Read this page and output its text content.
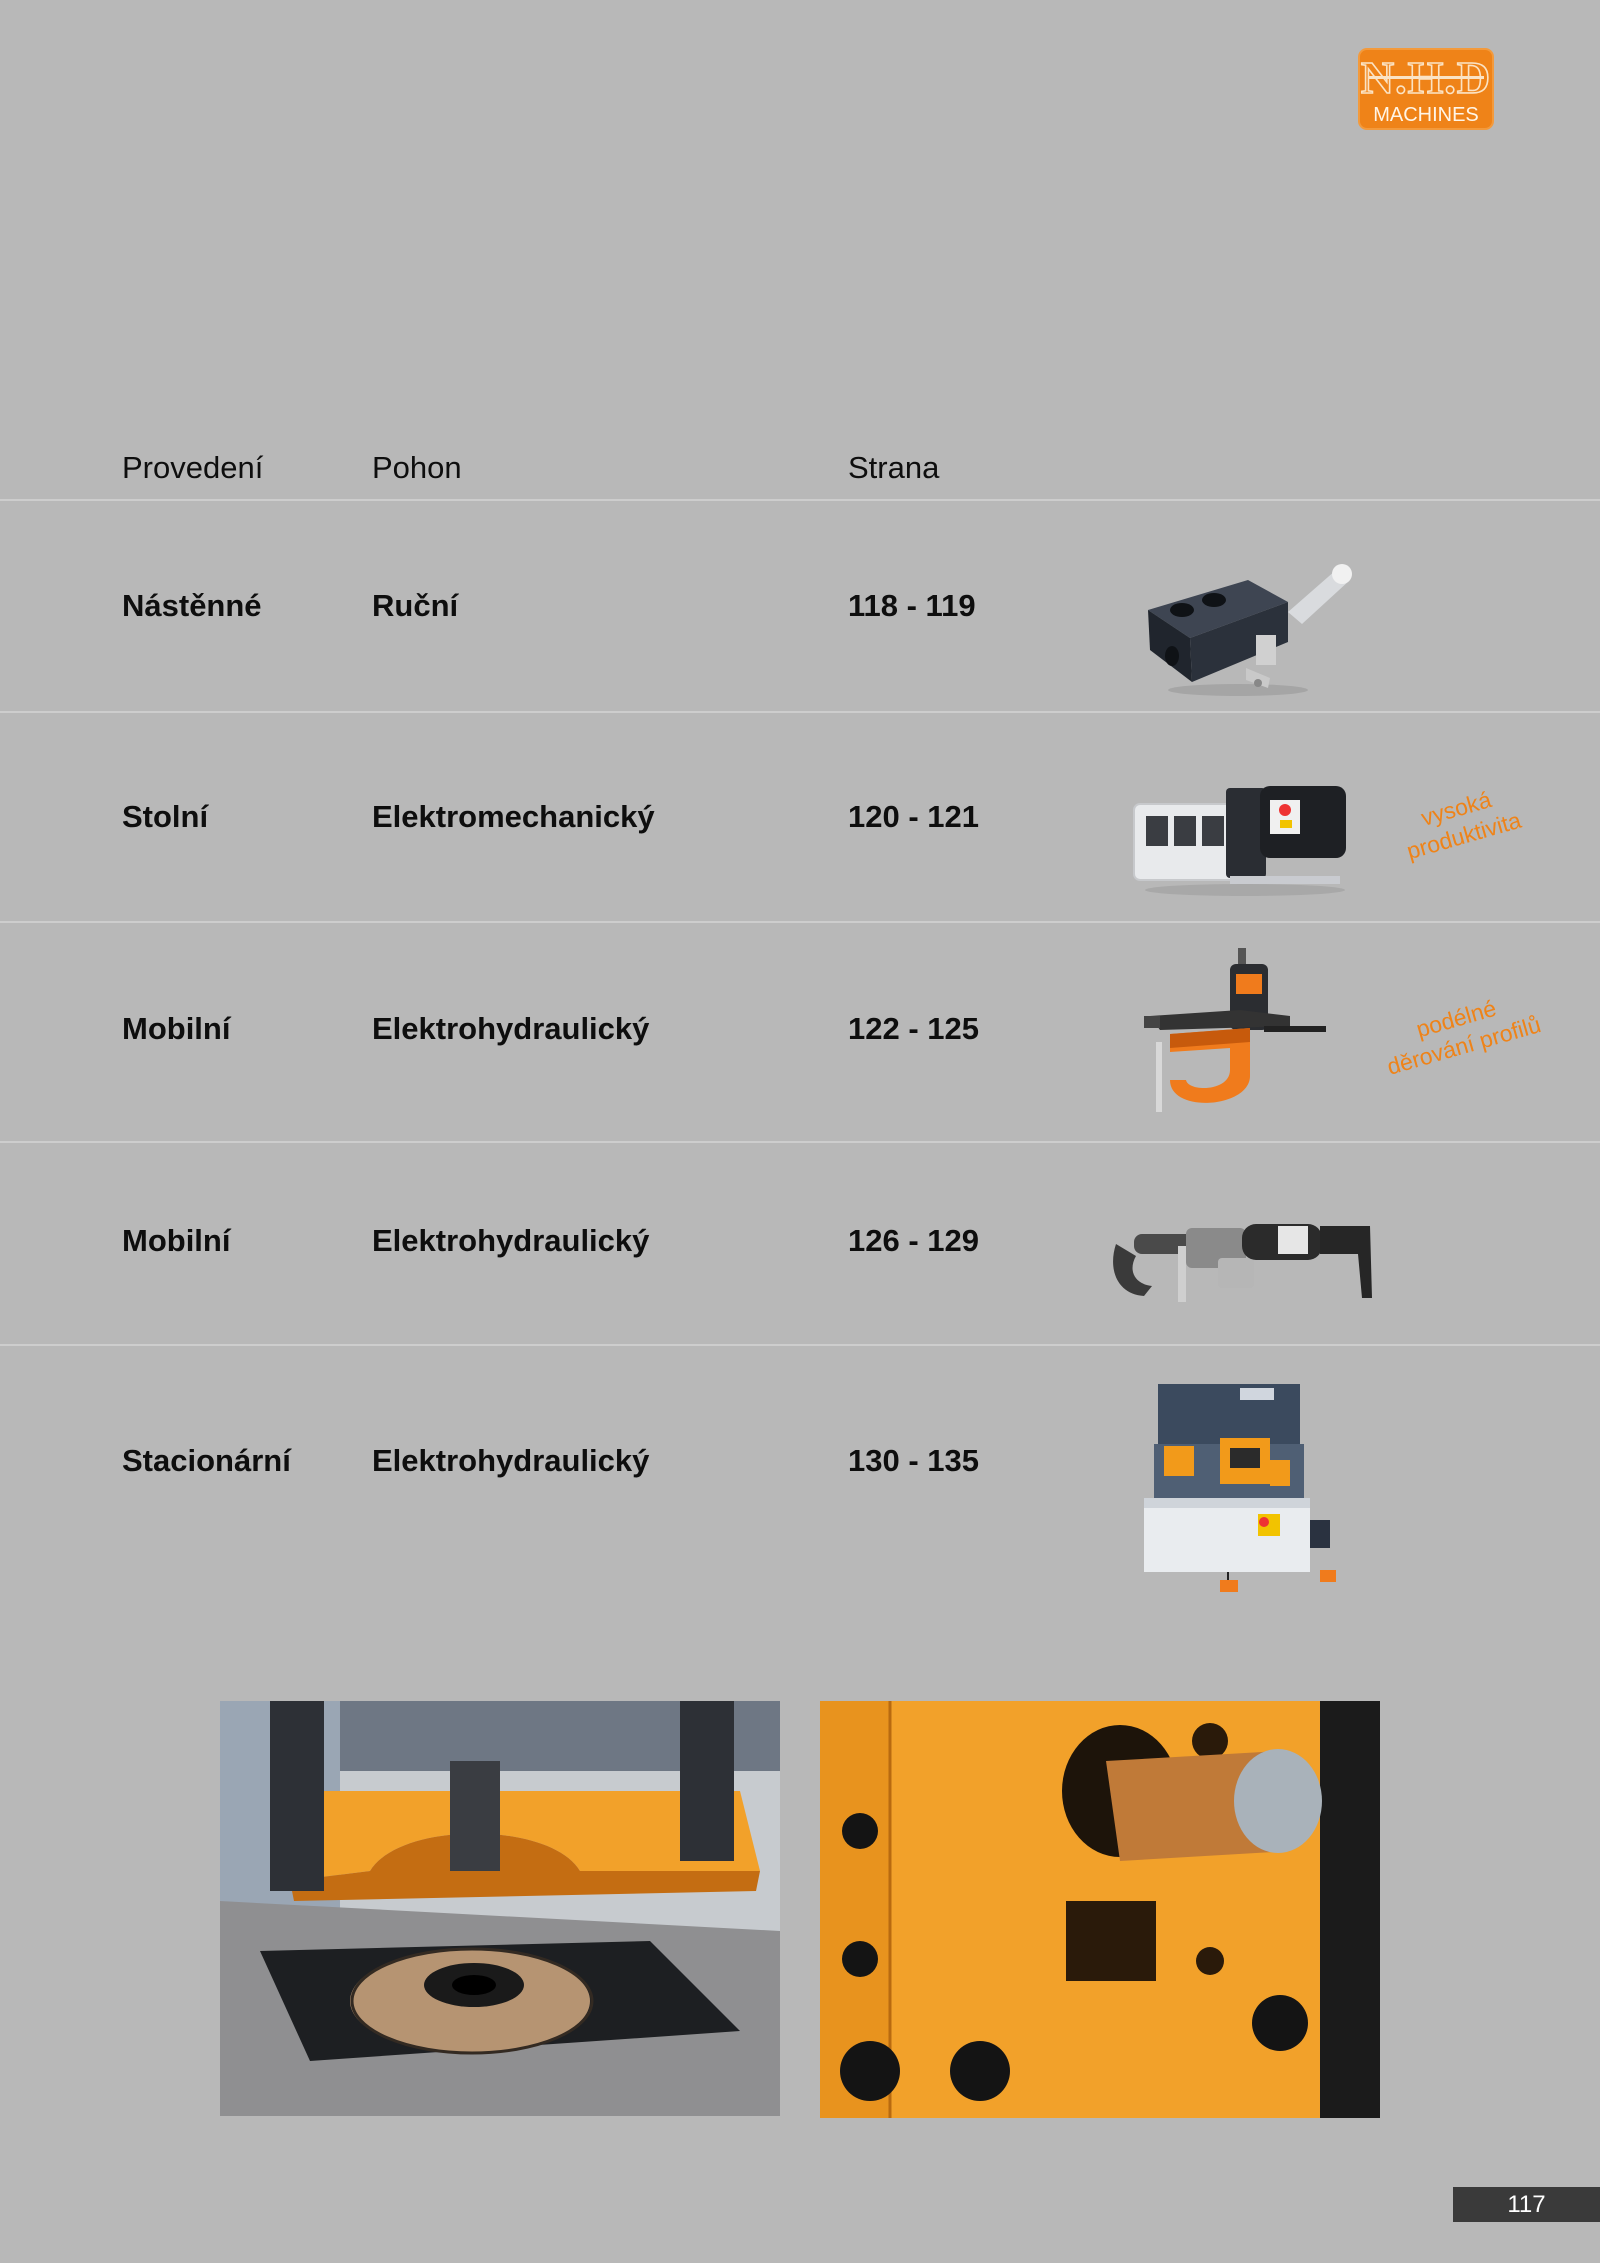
N.H.D
MACHINES
Provedení	Pohon	Strana
Nástěnné	Ruční	118 - 119
Stolní	Elektromechanický	120 - 121	vysoká
produktivita
Mobilní	Elektrohydraulický	122 - 125	podélné
děrování profilů
Mobilní	Elektrohydraulický	126 - 129
Stacionární	Elektrohydraulický	130 - 135
117
